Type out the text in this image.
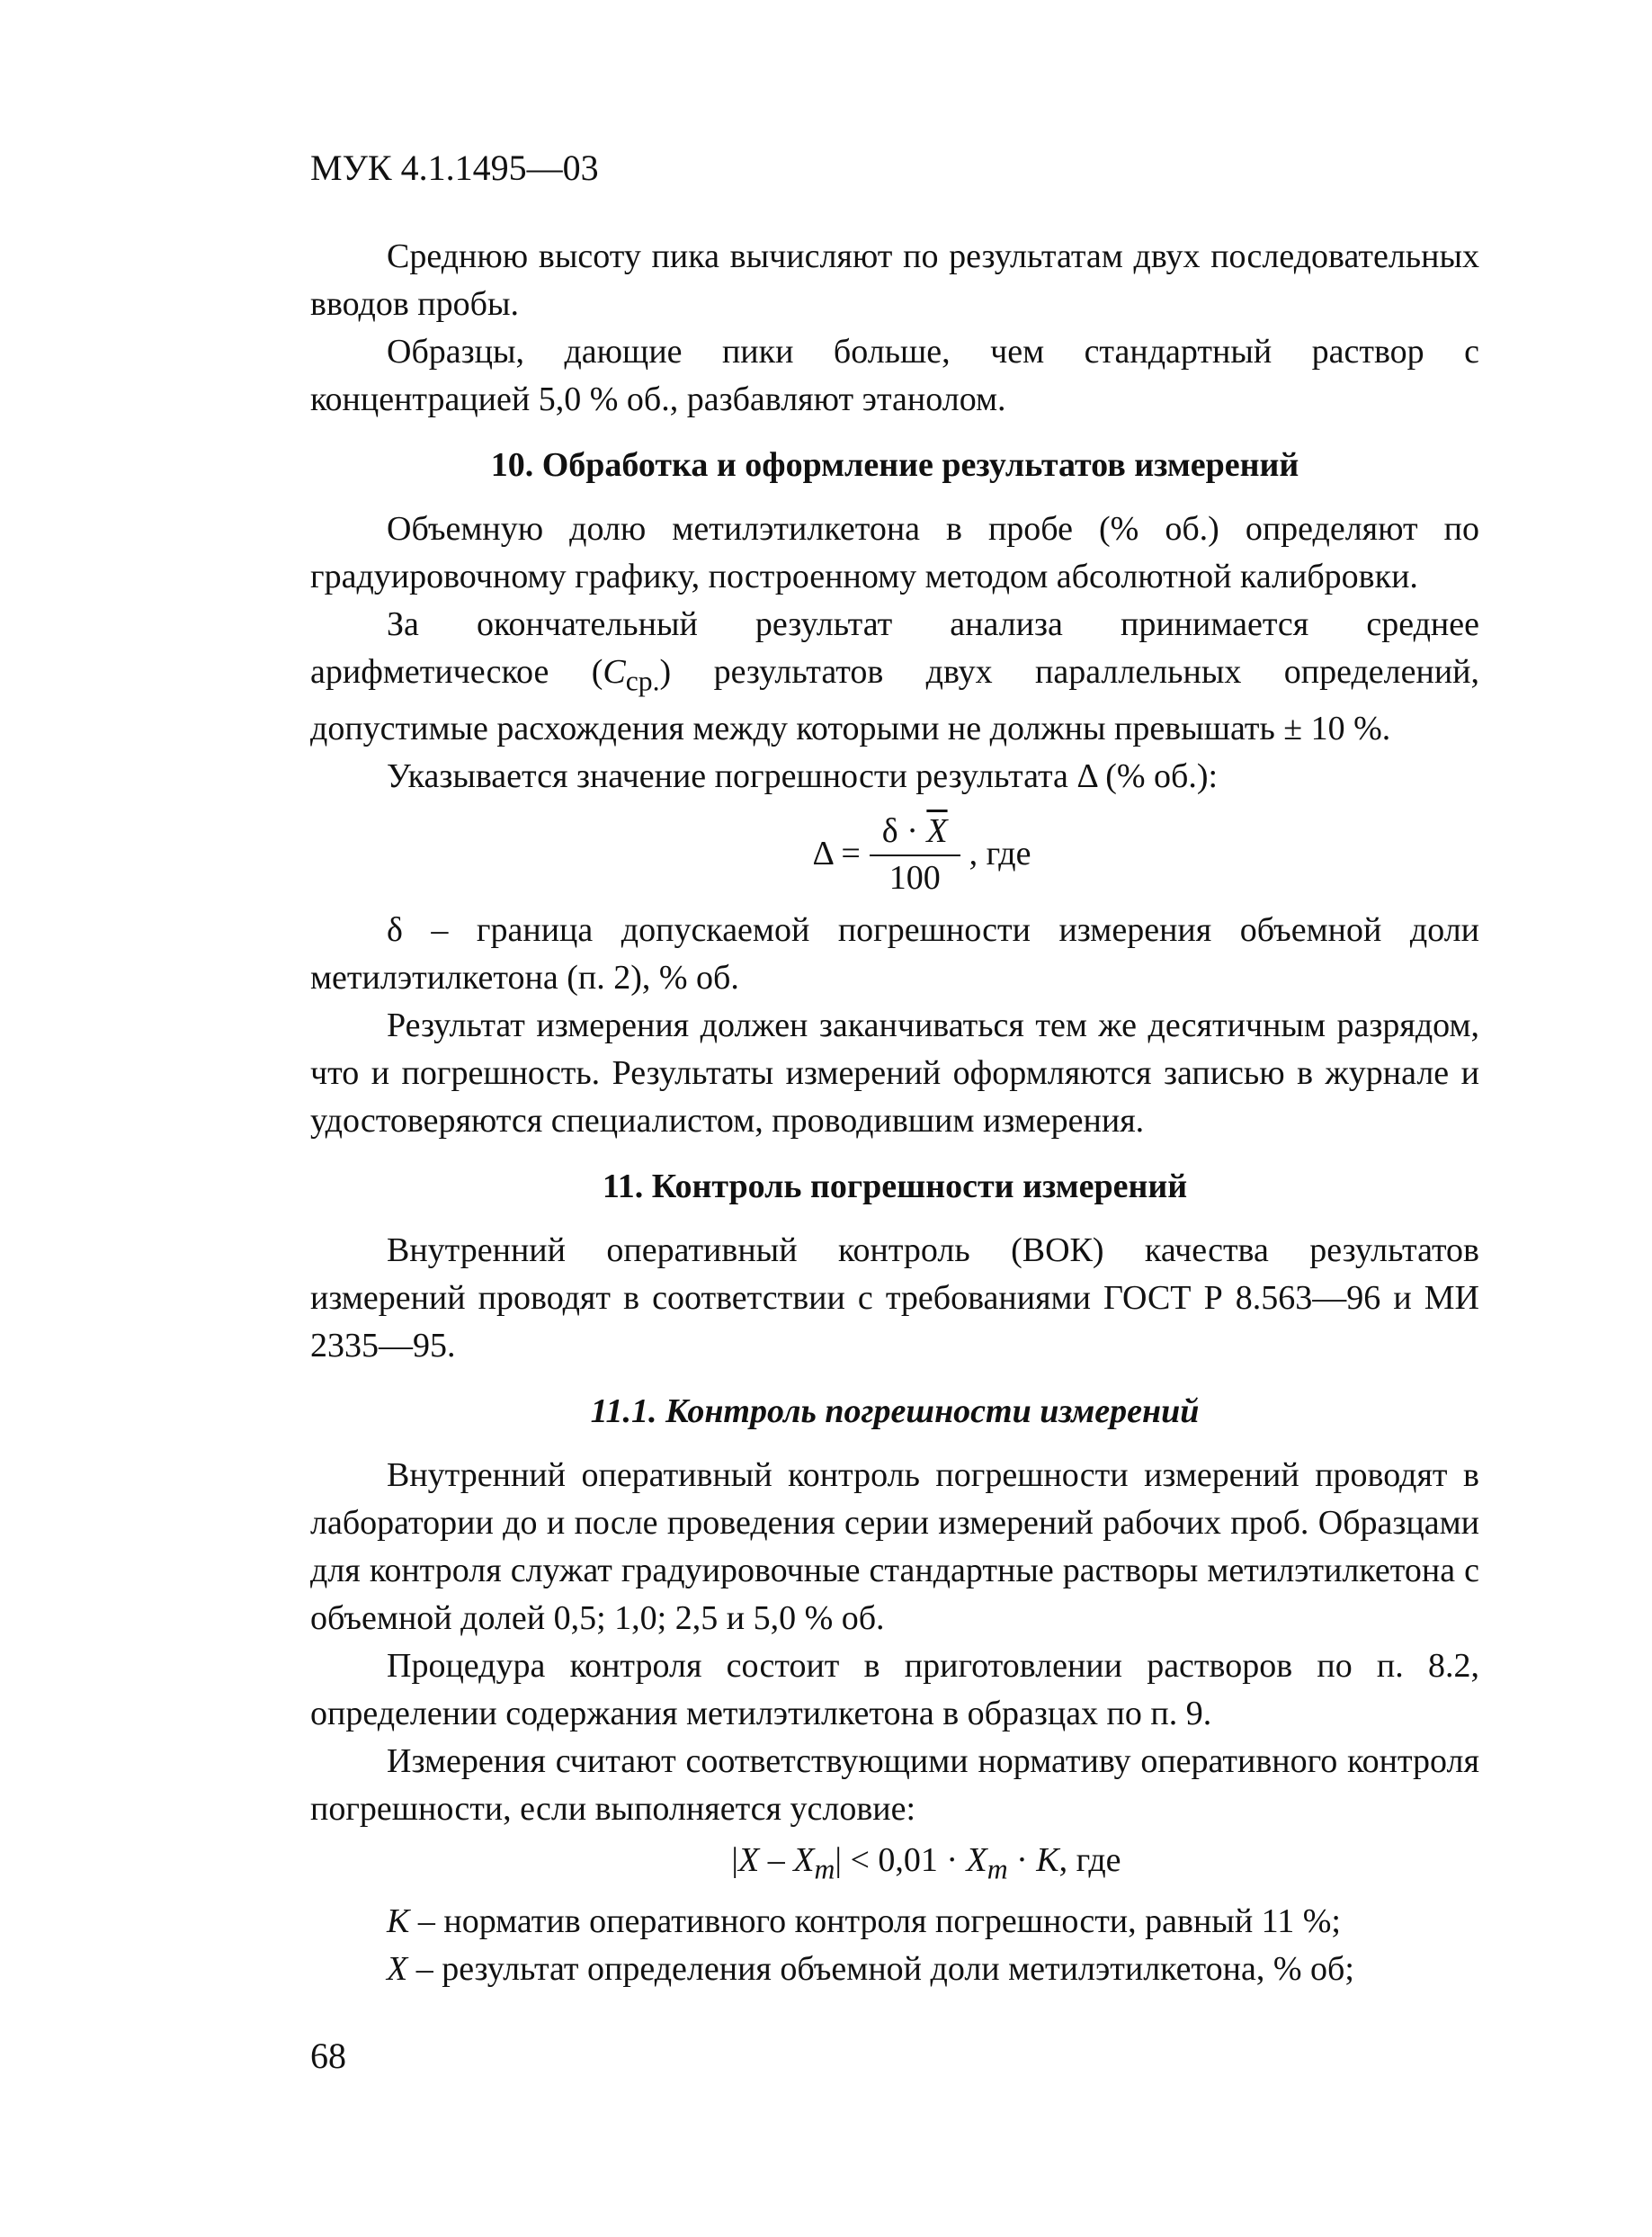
МУК 4.1.1495—03

Среднюю высоту пика вычисляют по результатам двух последовательных вводов пробы.

Образцы, дающие пики больше, чем стандартный раствор с концентрацией 5,0 % об., разбавляют этанолом.

10. Обработка и оформление результатов измерений

Объемную долю метилэтилкетона в пробе (% об.) определяют по градуировочному графику, построенному методом абсолютной калибровки.

За окончательный результат анализа принимается среднее арифметическое $(C_{ср.})$ результатов двух параллельных определений, допустимые расхождения между которыми не должны превышать ± 10 %.

Указывается значение погрешности результата Δ (% об.):

$\Delta = \frac{\delta \cdot \overline{X}}{100}$ , где

δ – граница допускаемой погрешности измерения объемной доли метилэтилкетона (п. 2), % об.

Результат измерения должен заканчиваться тем же десятичным разрядом, что и погрешность. Результаты измерений оформляются записью в журнале и удостоверяются специалистом, проводившим измерения.

11. Контроль погрешности измерений

Внутренний оперативный контроль (ВОК) качества результатов измерений проводят в соответствии с требованиями ГОСТ Р 8.563—96 и МИ 2335—95.

11.1. Контроль погрешности измерений

Внутренний оперативный контроль погрешности измерений проводят в лаборатории до и после проведения серии измерений рабочих проб. Образцами для контроля служат градуировочные стандартные растворы метилэтилкетона с объемной долей 0,5; 1,0; 2,5 и 5,0 % об.

Процедура контроля состоит в приготовлении растворов по п. 8.2, определении содержания метилэтилкетона в образцах по п. 9.

Измерения считают соответствующими нормативу оперативного контроля погрешности, если выполняется условие:

$|X - X_m| < 0,01 \cdot X_m \cdot K$, где

K – норматив оперативного контроля погрешности, равный 11 %;

X – результат определения объемной доли метилэтилкетона, % об;

68
